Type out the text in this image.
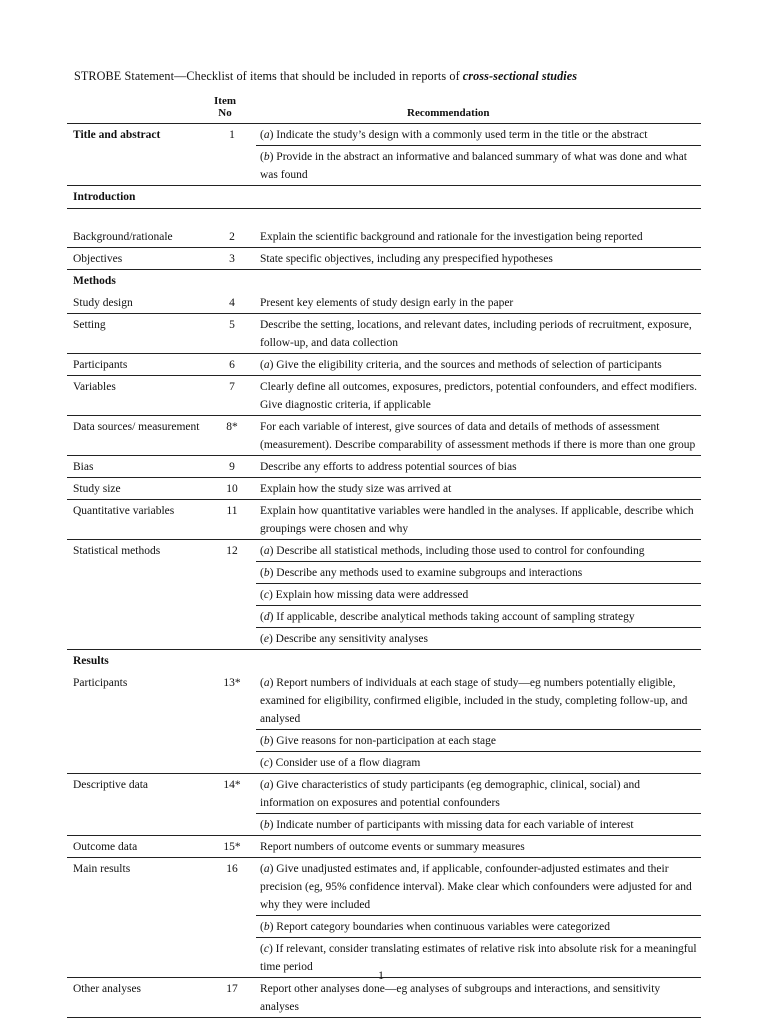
STROBE Statement—Checklist of items that should be included in reports of cross-sectional studies
Item
No	Recommendation
Title and abstract	1	(a) Indicate the study’s design with a commonly used term in the title or the abstract
(b) Provide in the abstract an informative and balanced summary of what was done and what was found
Introduction
Background/rationale	2	Explain the scientific background and rationale for the investigation being reported
Objectives	3	State specific objectives, including any prespecified hypotheses
Methods
Study design	4	Present key elements of study design early in the paper
Setting	5	Describe the setting, locations, and relevant dates, including periods of recruitment, exposure, follow-up, and data collection
Participants	6	(a) Give the eligibility criteria, and the sources and methods of selection of participants
Variables	7	Clearly define all outcomes, exposures, predictors, potential confounders, and effect modifiers. Give diagnostic criteria, if applicable
Data sources/ measurement	8*	For each variable of interest, give sources of data and details of methods of assessment (measurement). Describe comparability of assessment methods if there is more than one group
Bias	9	Describe any efforts to address potential sources of bias
Study size	10	Explain how the study size was arrived at
Quantitative variables	11	Explain how quantitative variables were handled in the analyses. If applicable, describe which groupings were chosen and why
Statistical methods	12	(a) Describe all statistical methods, including those used to control for confounding
(b) Describe any methods used to examine subgroups and interactions
(c) Explain how missing data were addressed
(d) If applicable, describe analytical methods taking account of sampling strategy
(e) Describe any sensitivity analyses
Results
Participants	13*	(a) Report numbers of individuals at each stage of study—eg numbers potentially eligible, examined for eligibility, confirmed eligible, included in the study, completing follow-up, and analysed
(b) Give reasons for non-participation at each stage
(c) Consider use of a flow diagram
Descriptive data	14*	(a) Give characteristics of study participants (eg demographic, clinical, social) and information on exposures and potential confounders
(b) Indicate number of participants with missing data for each variable of interest
Outcome data	15*	Report numbers of outcome events or summary measures
Main results	16	(a) Give unadjusted estimates and, if applicable, confounder-adjusted estimates and their precision (eg, 95% confidence interval). Make clear which confounders were adjusted for and why they were included
(b) Report category boundaries when continuous variables were categorized
(c) If relevant, consider translating estimates of relative risk into absolute risk for a meaningful time period
Other analyses	17	Report other analyses done—eg analyses of subgroups and interactions, and sensitivity analyses
1
